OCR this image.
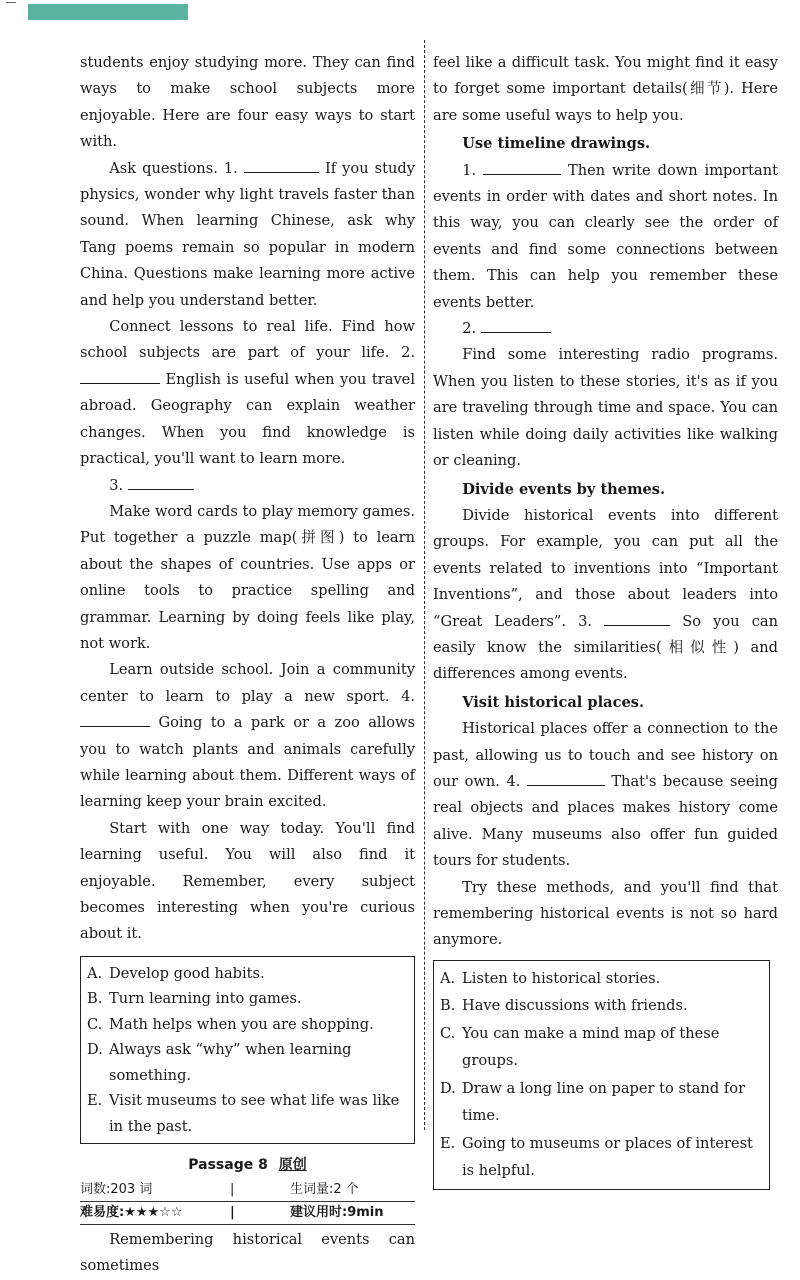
students enjoy studying more. They can find ways to make school subjects more enjoyable. Here are four easy ways to start with.

Ask questions. 1.	If you study physics, wonder why light travels faster than sound. When learning Chinese, ask why Tang poems remain so popular in modern China. Questions make learning more active and help you understand better.

Connect lessons to real life. Find how school subjects are part of your life. 2.  English is useful when you travel abroad. Geography can explain weather changes. When you find knowledge is practical, you'll want to learn more.

3.

Make word cards to play memory games. Put together a puzzle map(拼图) to learn about the shapes of countries. Use apps or online tools to practice spelling and grammar. Learning by doing feels like play, not work.

Learn outside school. Join a community center to learn to play a new sport. 4.  Going to a park or a zoo allows you to watch plants and animals carefully while learning about them. Different ways of learning keep your brain excited.

Start with one way today. You'll find learning useful. You will also find it enjoyable. Remember, every subject becomes interesting when you're curious about it.

A. Develop good habits.
B. Turn learning into games.
C. Math helps when you are shopping.
D. Always ask “why” when learning something.
E. Visit museums to see what life was like in the past.
Passage 8 原创
词数:203 词	|	生词量:2 个
难易度:★★★☆☆	|	建议用时:9min

Remembering historical events can sometimes

feel like a difficult task. You might find it easy to forget some important details(细节). Here are some useful ways to help you.

Use timeline drawings.

1.	Then write down important events in order with dates and short notes. In this way, you can clearly see the order of events and find some connections between them. This can help you remember these events better.

2.

Find some interesting radio programs. When you listen to these stories, it's as if you are traveling through time and space. You can listen while doing daily activities like walking or cleaning.

Divide events by themes.

Divide historical events into different groups. For example, you can put all the events related to inventions into “Important Inventions”, and those about leaders into “Great Leaders”. 3.	So you can easily know the similarities(相似性) and differences among events.

Visit historical places.

Historical places offer a connection to the past, allowing us to touch and see history on our own. 4.	That's because seeing real objects and places makes history come alive. Many museums also offer fun guided tours for students.

Try these methods, and you'll find that remembering historical events is not so hard anymore.

A. Listen to historical stories.
B. Have discussions with friends.
C. You can make a mind map of these groups.
D. Draw a long line on paper to stand for time.
E. Going to museums or places of interest is helpful.
